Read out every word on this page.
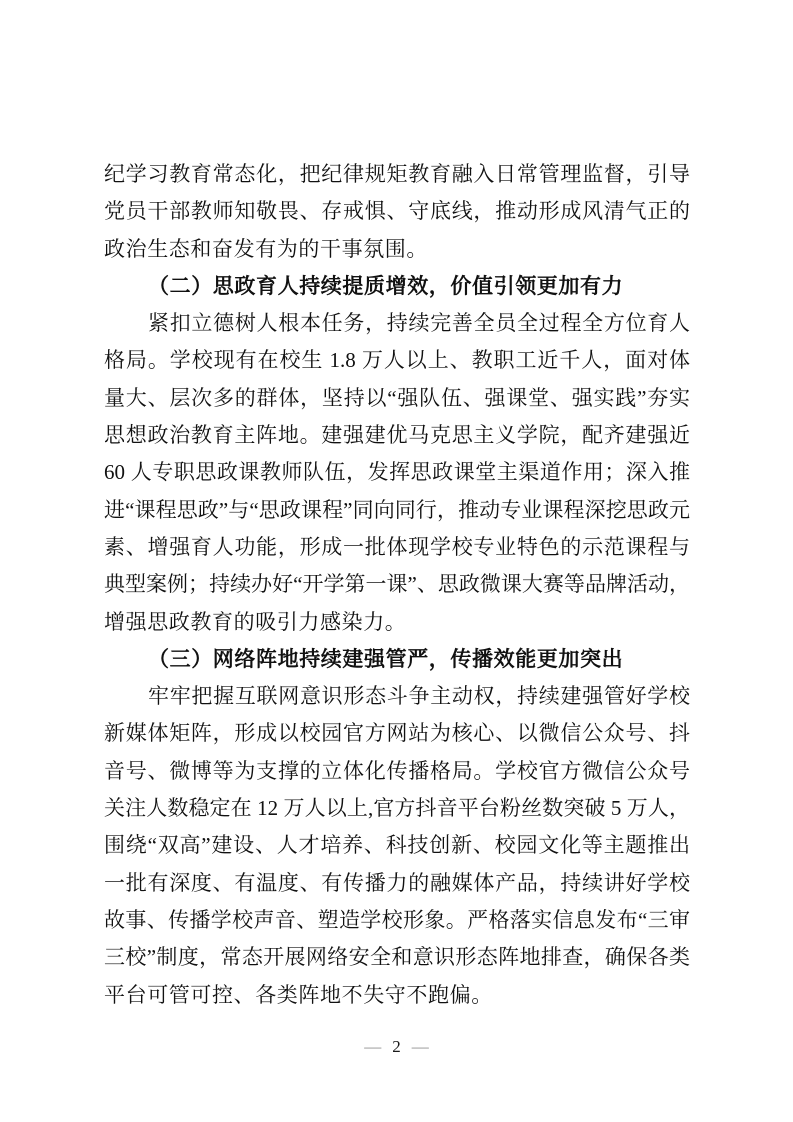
纪学习教育常态化，把纪律规矩教育融入日常管理监督，引导
党员干部教师知敬畏、存戒惧、守底线，推动形成风清气正的
政治生态和奋发有为的干事氛围。
（二）思政育人持续提质增效，价值引领更加有力
紧扣立德树人根本任务，持续完善全员全过程全方位育人
格局。学校现有在校生 1.8 万人以上、教职工近千人，面对体
量大、层次多的群体，坚持以“强队伍、强课堂、强实践”夯实
思想政治教育主阵地。建强建优马克思主义学院，配齐建强近
60 人专职思政课教师队伍，发挥思政课堂主渠道作用；深入推
进“课程思政”与“思政课程”同向同行，推动专业课程深挖思政元
素、增强育人功能，形成一批体现学校专业特色的示范课程与
典型案例；持续办好“开学第一课”、思政微课大赛等品牌活动，
增强思政教育的吸引力感染力。
（三）网络阵地持续建强管严，传播效能更加突出
牢牢把握互联网意识形态斗争主动权，持续建强管好学校
新媒体矩阵，形成以校园官方网站为核心、以微信公众号、抖
音号、微博等为支撑的立体化传播格局。学校官方微信公众号
关注人数稳定在 12 万人以上,官方抖音平台粉丝数突破 5 万人，
围绕“双高”建设、人才培养、科技创新、校园文化等主题推出
一批有深度、有温度、有传播力的融媒体产品，持续讲好学校
故事、传播学校声音、塑造学校形象。严格落实信息发布“三审
三校”制度，常态开展网络安全和意识形态阵地排查，确保各类
平台可管可控、各类阵地不失守不跑偏。
— 2 —
